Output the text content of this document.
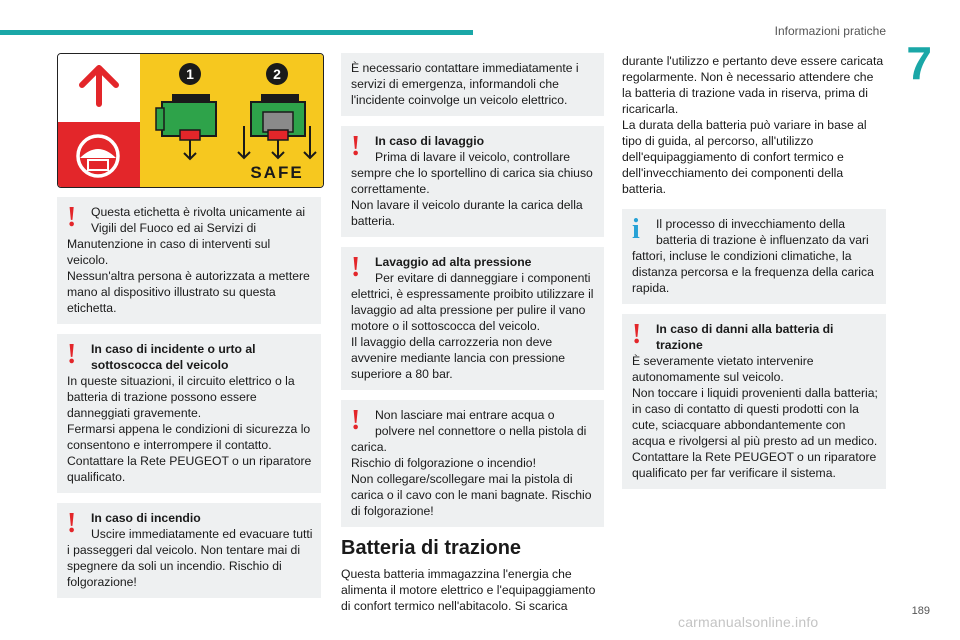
Informazioni pratiche
7
189
carmanualsonline.info
1	2
SAFE
!	Questa etichetta è rivolta unicamente ai Vigili del Fuoco ed ai Servizi di Manutenzione in caso di interventi sul veicolo.

Nessun'altra persona è autorizzata a mettere mano al dispositivo illustrato su questa etichetta.

!	In caso di incidente o urto al sottoscocca del veicolo

In queste situazioni, il circuito elettrico o la batteria di trazione possono essere danneggiati gravemente.

Fermarsi appena le condizioni di sicurezza lo consentono e interrompere il contatto.

Contattare la Rete PEUGEOT o un riparatore qualificato.

!	In caso di incendio

Uscire immediatamente ed evacuare tutti i passeggeri dal veicolo. Non tentare mai di spegnere da soli un incendio. Rischio di folgorazione!

È necessario contattare immediatamente i servizi di emergenza, informandoli che l'incidente coinvolge un veicolo elettrico.

!	In caso di lavaggio

Prima di lavare il veicolo, controllare sempre che lo sportellino di carica sia chiuso correttamente.

Non lavare il veicolo durante la carica della batteria.

!	Lavaggio ad alta pressione

Per evitare di danneggiare i componenti elettrici, è espressamente proibito utilizzare il lavaggio ad alta pressione per pulire il vano motore o il sottoscocca del veicolo.

Il lavaggio della carrozzeria non deve avvenire mediante lancia con pressione superiore a 80 bar.

!	Non lasciare mai entrare acqua o polvere nel connettore o nella pistola di carica.

Rischio di folgorazione o incendio!

Non collegare/scollegare mai la pistola di carica o il cavo con le mani bagnate. Rischio di folgorazione!

Batteria di trazione

Questa batteria immagazzina l'energia che alimenta il motore elettrico e l'equipaggiamento di confort termico nell'abitacolo. Si scarica

durante l'utilizzo e pertanto deve essere caricata regolarmente. Non è necessario attendere che la batteria di trazione vada in riserva, prima di ricaricarla.

La durata della batteria può variare in base al tipo di guida, al percorso, all'utilizzo dell'equipaggiamento di confort termico e dell'invecchiamento dei componenti della batteria.

i	Il processo di invecchiamento della batteria di trazione è influenzato da vari fattori, incluse le condizioni climatiche, la distanza percorsa e la frequenza della carica rapida.

!	In caso di danni alla batteria di trazione

È severamente vietato intervenire autonomamente sul veicolo.

Non toccare i liquidi provenienti dalla batteria; in caso di contatto di questi prodotti con la cute, sciacquare abbondantemente con acqua e rivolgersi al più presto ad un medico.

Contattare la Rete PEUGEOT o un riparatore qualificato per far verificare il sistema.
